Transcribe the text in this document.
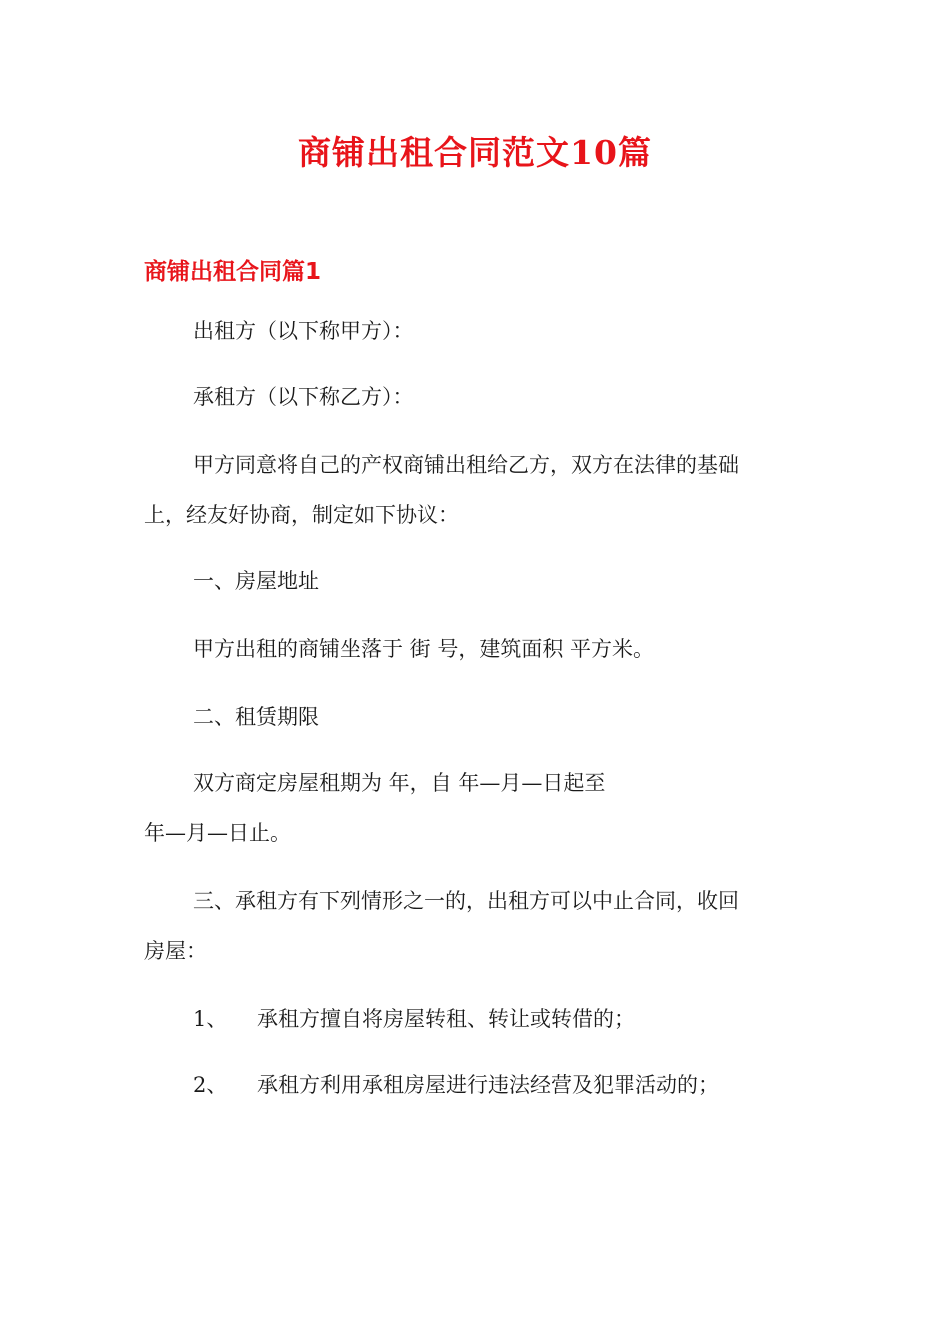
商铺出租合同范文10篇
商铺出租合同篇1

出租方（以下称甲方）：

承租方（以下称乙方）：

甲方同意将自己的产权商铺出租给乙方，双方在法律的基础

上，经友好协商，制定如下协议：

一、房屋地址

甲方出租的商铺坐落于 街 号，建筑面积 平方米。

二、租赁期限

双方商定房屋租期为 年，自 年—月—日起至

年—月—日止。

三、承租方有下列情形之一的，出租方可以中止合同，收回

房屋：

1、 承租方擅自将房屋转租、转让或转借的；

2、 承租方利用承租房屋进行违法经营及犯罪活动的；
